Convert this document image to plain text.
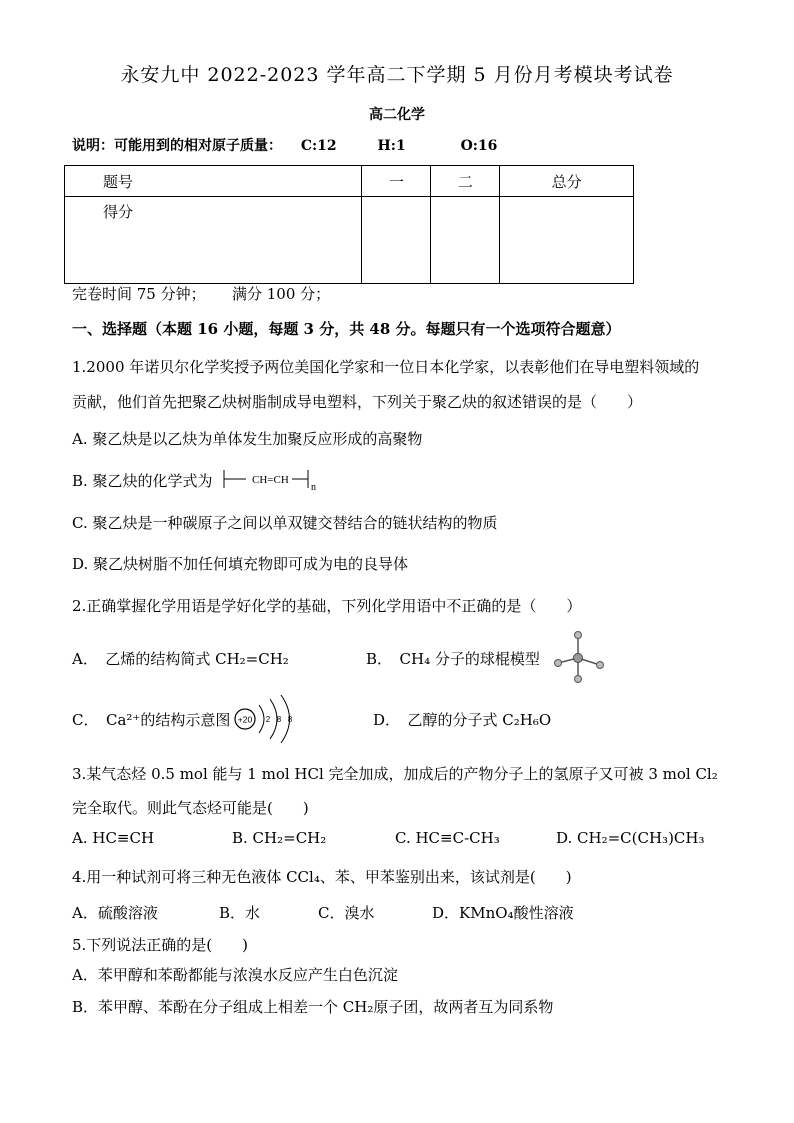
永安九中 2022-2023 学年高二下学期 5 月份月考模块考试卷
高二化学
说明：可能用到的相对原子质量： C:12	H:1	O:16
题号	一	二	总分
得分			
完卷时间 75 分钟； 满分 100 分；
一、选择题（本题 16 小题，每题 3 分，共 48 分。每题只有一个选项符合题意）
1.2000 年诺贝尔化学奖授予两位美国化学家和一位日本化学家，以表彰他们在导电塑料领域的
贡献，他们首先把聚乙炔树脂制成导电塑料，下列关于聚乙炔的叙述错误的是（　　）
A. 聚乙炔是以乙炔为单体发生加聚反应形成的高聚物
B. 聚乙炔的化学式为	CH=CH
n
C. 聚乙炔是一种碳原子之间以单双键交替结合的链状结构的物质
D. 聚乙炔树脂不加任何填充物即可成为电的良导体
2.正确掌握化学用语是学好化学的基础，下列化学用语中不正确的是（　　）
A．　乙烯的结构简式 CH₂=CH₂	B．　CH₄ 分子的球棍模型
C．　Ca²⁺的结构示意图 +20 2 8 8	D．　乙醇的分子式 C₂H₆O
3.某气态烃 0.5 mol 能与 1 mol HCl 完全加成，加成后的产物分子上的氢原子又可被 3 mol Cl₂
完全取代。则此气态烃可能是(　　)
A. HC≡CH	B. CH₂=CH₂	C. HC≡C-CH₃	D. CH₂=C(CH₃)CH₃
4.用一种试剂可将三种无色液体 CCl₄、苯、甲苯鉴别出来，该试剂是(　　)
A．硫酸溶液	B．水	C．溴水	D．KMnO₄酸性溶液
5.下列说法正确的是(　　)
A．苯甲醇和苯酚都能与浓溴水反应产生白色沉淀
B．苯甲醇、苯酚在分子组成上相差一个 CH₂原子团，故两者互为同系物
